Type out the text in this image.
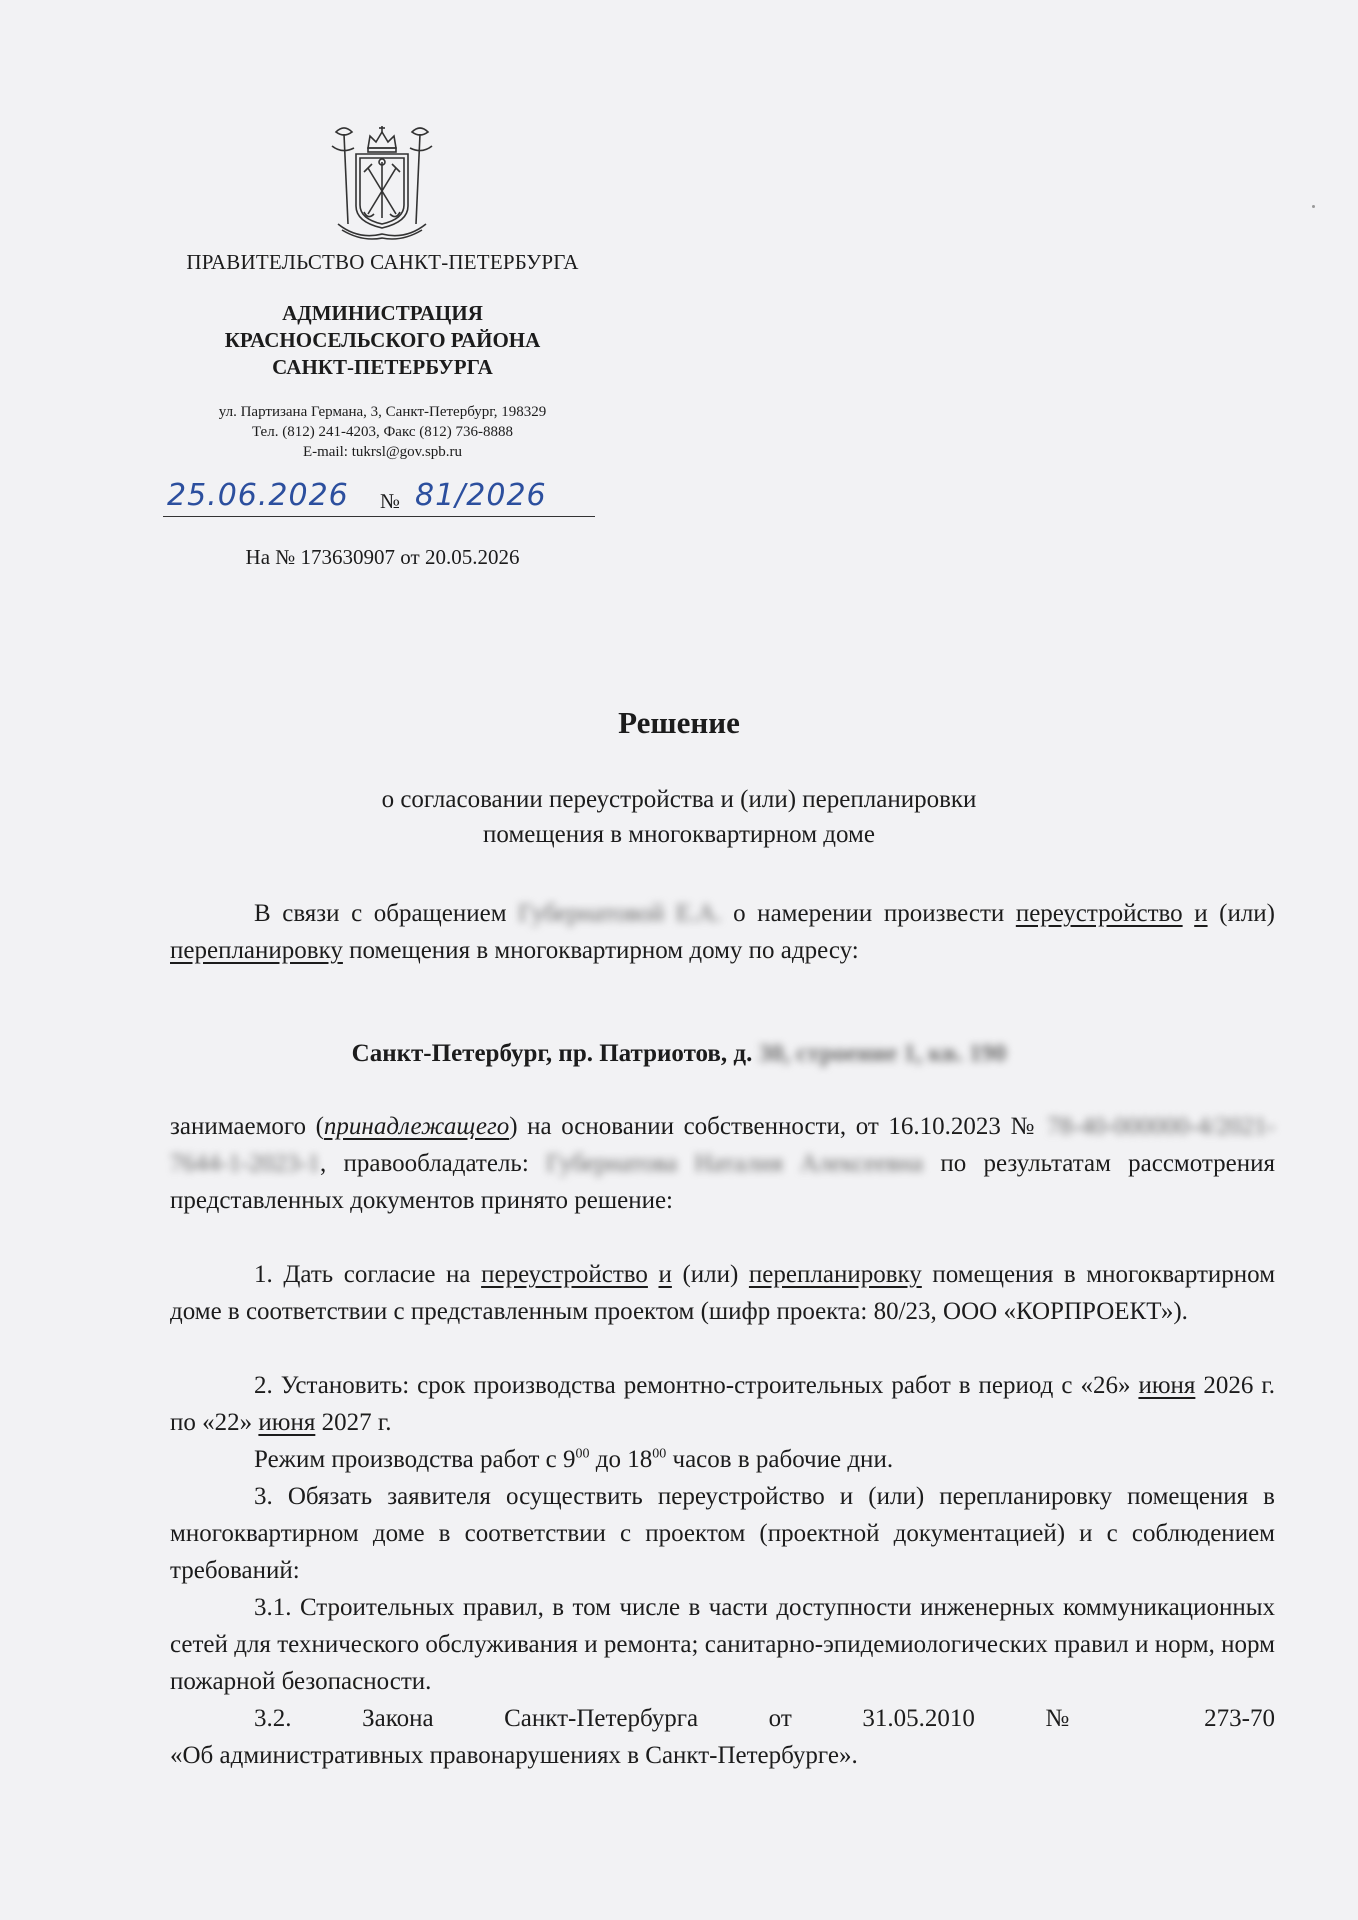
ПРАВИТЕЛЬСТВО САНКТ-ПЕТЕРБУРГА
АДМИНИСТРАЦИЯ
КРАСНОСЕЛЬСКОГО РАЙОНА
САНКТ-ПЕТЕРБУРГА
ул. Партизана Германа, 3, Санкт-Петербург, 198329
Тел. (812) 241-4203, Факс (812) 736-8888
E-mail: tukrsl@gov.spb.ru
25.06.2026 № 81/2026
На № 173630907 от 20.05.2026
Решение
о согласовании переустройства и (или) перепланировки
помещения в многоквартирном доме
В связи с обращением Губернатовой Е.А. о намерении произвести переустройство и (или) перепланировку помещения в многоквартирном дому по адресу:
Санкт-Петербург, пр. Патриотов, д. 30, строение 1, кв. 190
занимаемого (принадлежащего) на основании собственности, от 16.10.2023 № 78-40-000000-4/2021-7644-1-2023-1, правообладатель: Губернатова Наталия Алексеевна по результатам рассмотрения представленных документов принято решение:
1. Дать согласие на переустройство и (или) перепланировку помещения в многоквартирном доме в соответствии с представленным проектом (шифр проекта: 80/23, ООО «КОРПРОЕКТ»).
2. Установить: срок производства ремонтно-строительных работ в период с «26» июня 2026 г. по «22» июня 2027 г.
Режим производства работ с $9^{00}$ до $18^{00}$ часов в рабочие дни.
3. Обязать заявителя осуществить переустройство и (или) перепланировку помещения в многоквартирном доме в соответствии с проектом (проектной документацией) и с соблюдением требований:
3.1. Строительных правил, в том числе в части доступности инженерных коммуникационных сетей для технического обслуживания и ремонта; санитарно-эпидемиологических правил и норм, норм пожарной безопасности.
3.2. Закона Санкт-Петербурга от 31.05.2010 № 273-70
«Об административных правонарушениях в Санкт-Петербурге».
